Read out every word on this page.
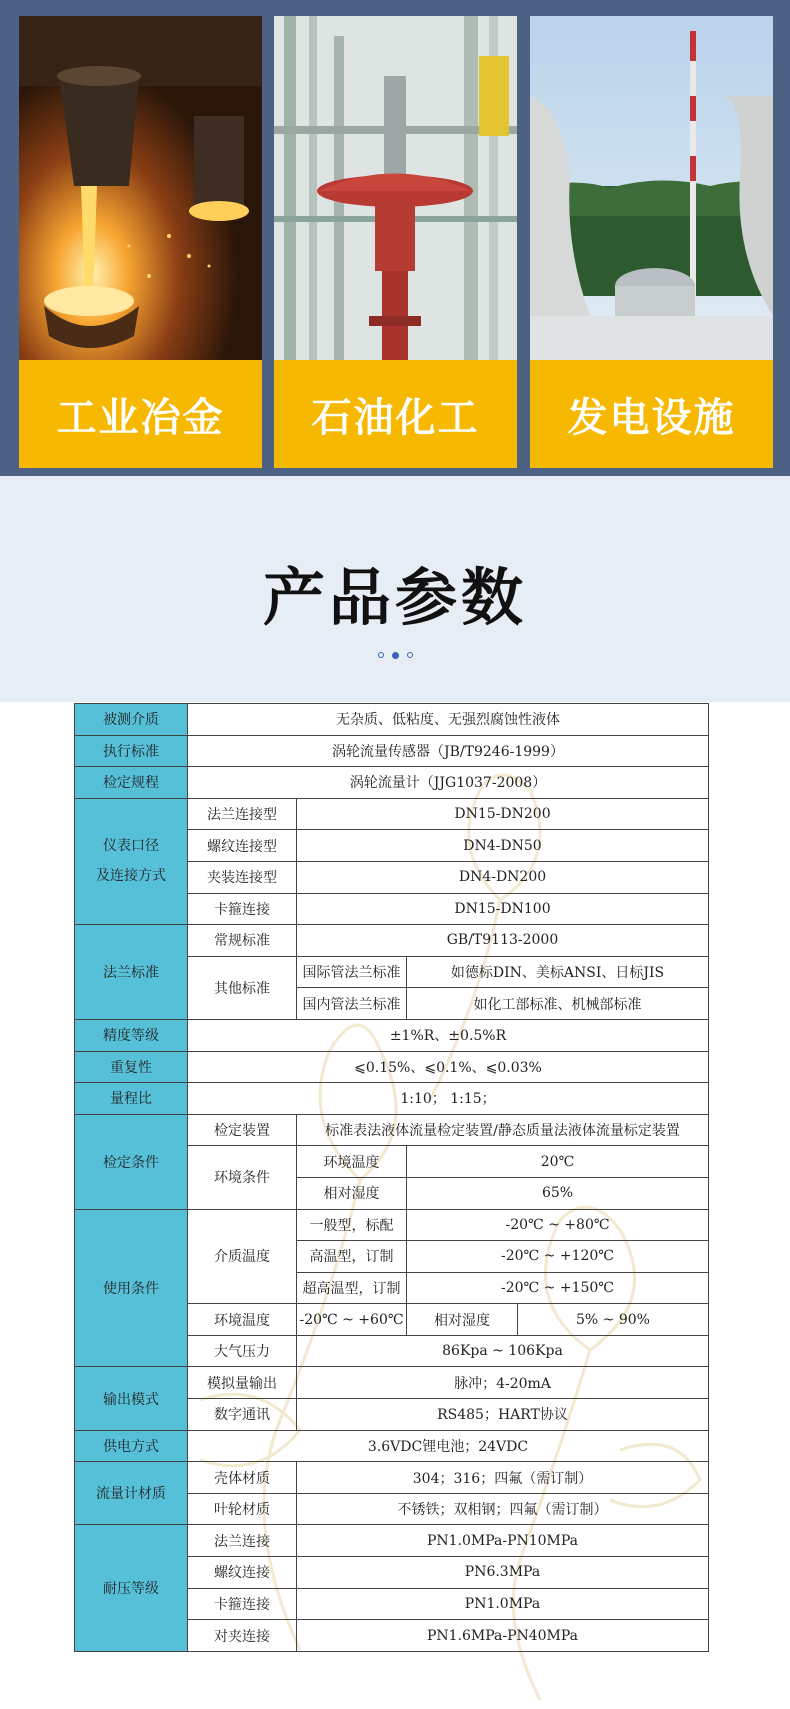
工业冶金	石油化工	发电设施
产品参数
被测介质	无杂质、低粘度、无强烈腐蚀性液体			
执行标准	涡轮流量传感器（JB/T9246-1999）			
检定规程	涡轮流量计（JJG1037-2008）			

仪表口径
及连接方式	法兰连接型	DN15-DN200		
	螺纹连接型	DN4-DN50		
	夹装连接型	DN4-DN200		
	卡箍连接	DN15-DN100		
法兰标准	常规标准	GB/T9113-2000		
	其他标准	国际管法兰标准	如德标DIN、美标ANSI、日标JIS	
		国内管法兰标准	如化工部标准、机械部标准	
精度等级	±1%R、±0.5%R			
重复性	⩽0.15%、⩽0.1%、⩽0.03%			
量程比	1:10； 1:15；			
检定条件	检定装置	标准表法液体流量检定装置/静态质量法液体流量标定装置		
	环境条件	环境温度	20℃	
		相对湿度	65%	
使用条件	介质温度	一般型，标配	-20℃ ~ +80℃	
		高温型，订制	-20℃ ~ +120℃	
		超高温型，订制	-20℃ ~ +150℃	
	环境温度	-20℃ ~ +60℃	相对湿度	5% ~ 90%
	大气压力	86Kpa ~ 106Kpa		
输出模式	模拟量输出	脉冲；4-20mA		
	数字通讯	RS485；HART协议		
供电方式	3.6VDC锂电池；24VDC			
流量计材质	壳体材质	304；316；四氟（需订制）		
	叶轮材质	不锈铁；双相钢；四氟（需订制）		
耐压等级	法兰连接	PN1.0MPa-PN10MPa		
	螺纹连接	PN6.3MPa		
	卡箍连接	PN1.0MPa		
	对夹连接	PN1.6MPa-PN40MPa		
